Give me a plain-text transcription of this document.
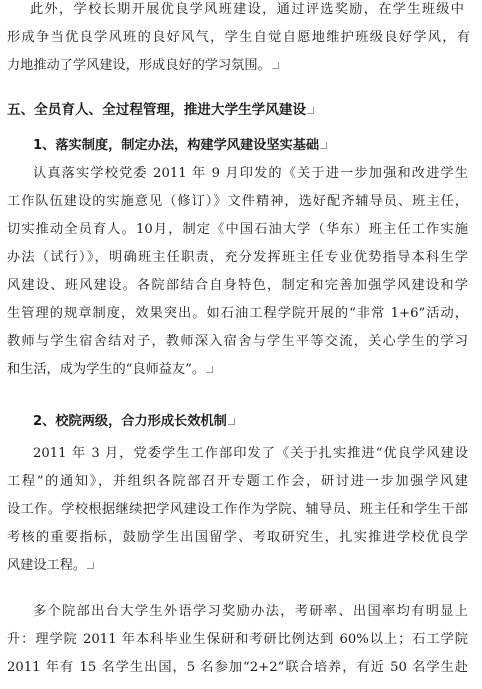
此外，学校长期开展优良学风班建设，通过评选奖励，在学生班级中
形成争当优良学风班的良好风气，学生自觉自愿地维护班级良好学风，有
力地推动了学风建设，形成良好的学习氛围。
五、全员育人、全过程管理，推进大学生学风建设
1、落实制度，制定办法，构建学风建设坚实基础
认真落实学校党委 2011 年 9 月印发的《关于进一步加强和改进学生
工作队伍建设的实施意见（修订）》文件精神，选好配齐辅导员、班主任，
切实推动全员育人。10月，制定《中国石油大学（华东）班主任工作实施
办法（试行）》，明确班主任职责，充分发挥班主任专业优势指导本科生学
风建设、班风建设。各院部结合自身特色，制定和完善加强学风建设和学
生管理的规章制度，效果突出。如石油工程学院开展的“非常 1+6”活动，
教师与学生宿舍结对子，教师深入宿舍与学生平等交流，关心学生的学习
和生活，成为学生的“良师益友”。
2、校院两级，合力形成长效机制
2011 年 3 月，党委学生工作部印发了《关于扎实推进“优良学风建设
工程”的通知》，并组织各院部召开专题工作会，研讨进一步加强学风建
设工作。学校根据继续把学风建设工作作为学院、辅导员、班主任和学生干部
考核的重要指标，鼓励学生出国留学、考取研究生，扎实推进学校优良学
风建设工程。
多个院部出台大学生外语学习奖励办法，考研率、出国率均有明显上
升：理学院 2011 年本科毕业生保研和考研比例达到 60%以上；石工学院
2011 年有 15 名学生出国，5 名参加“2+2”联合培养，有近 50 名学生赴
